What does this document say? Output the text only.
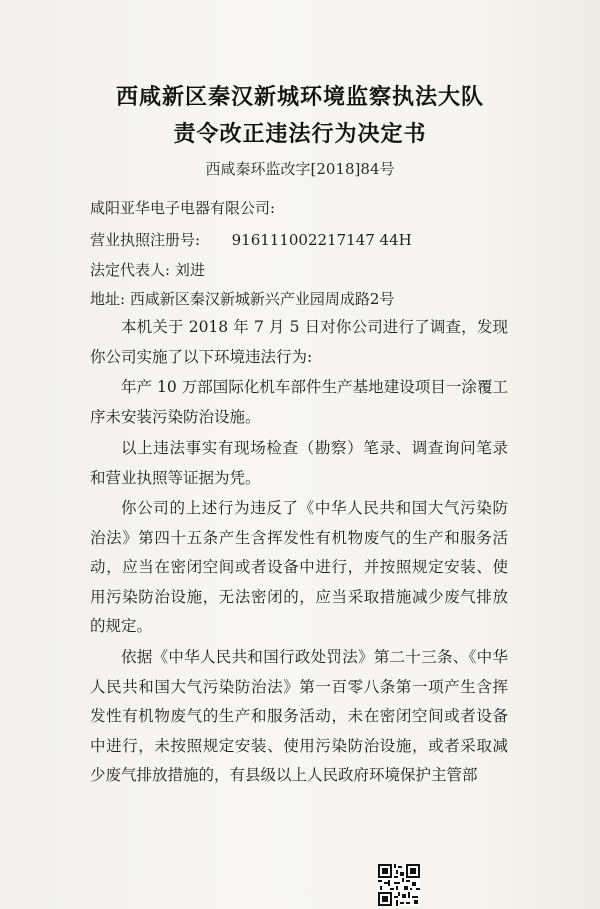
西咸新区秦汉新城环境监察执法大队
责令改正违法行为决定书
西咸秦环监改字[2018]84号
咸阳亚华电子电器有限公司:
营业执照注册号: 916111002217147 44H
法定代表人: 刘进
地址: 西咸新区秦汉新城新兴产业园周成路2号
本机关于 2018 年 7 月 5 日对你公司进行了调查，发现你公司实施了以下环境违法行为:
年产 10 万部国际化机车部件生产基地建设项目一涂覆工序未安装污染防治设施。
以上违法事实有现场检查（勘察）笔录、调查询问笔录和营业执照等证据为凭。
你公司的上述行为违反了《中华人民共和国大气污染防治法》第四十五条产生含挥发性有机物废气的生产和服务活动，应当在密闭空间或者设备中进行，并按照规定安装、使用污染防治设施，无法密闭的，应当采取措施减少废气排放的规定。
依据《中华人民共和国行政处罚法》第二十三条、《中华人民共和国大气污染防治法》第一百零八条第一项产生含挥发性有机物废气的生产和服务活动，未在密闭空间或者设备中进行，未按照规定安装、使用污染防治设施，或者采取减少废气排放措施的，有县级以上人民政府环境保护主管部
